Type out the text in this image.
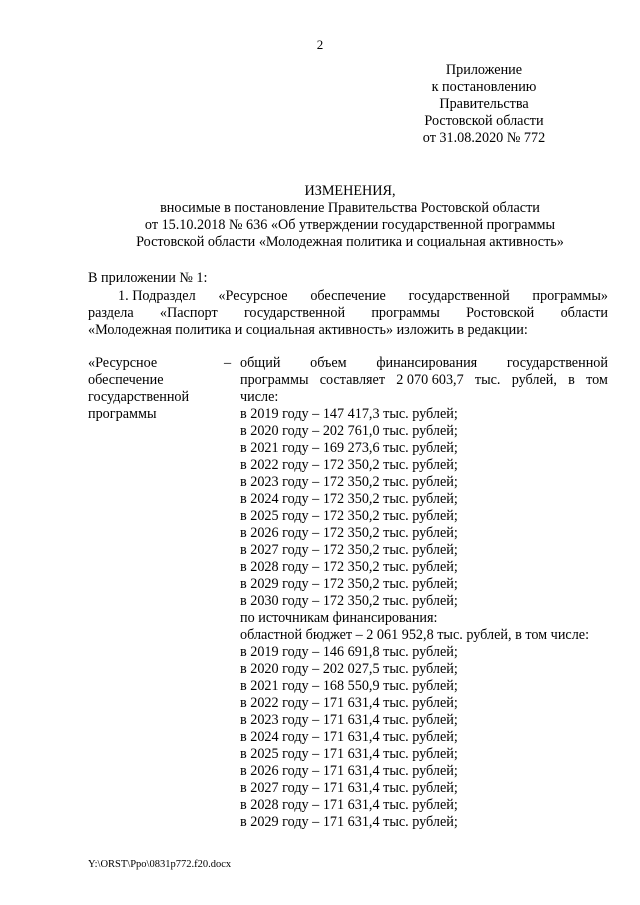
2
Приложение
к постановлению
Правительства
Ростовской области
от 31.08.2020 № 772
ИЗМЕНЕНИЯ,
вносимые в постановление Правительства Ростовской области
от 15.10.2018 № 636 «Об утверждении государственной программы
Ростовской области «Молодежная политика и социальная активность»
В приложении № 1:
1. Подраздел «Ресурсное обеспечение государственной программы»
раздела «Паспорт государственной программы Ростовской области
«Молодежная политика и социальная активность» изложить в редакции:
«Ресурсное
обеспечение
государственной
программы
– общий объем финансирования государственной
программы составляет 2 070 603,7 тыс. рублей, в том
числе:
в 2019 году – 147 417,3 тыс. рублей;
в 2020 году – 202 761,0 тыс. рублей;
в 2021 году – 169 273,6 тыс. рублей;
в 2022 году – 172 350,2 тыс. рублей;
в 2023 году – 172 350,2 тыс. рублей;
в 2024 году – 172 350,2 тыс. рублей;
в 2025 году – 172 350,2 тыс. рублей;
в 2026 году – 172 350,2 тыс. рублей;
в 2027 году – 172 350,2 тыс. рублей;
в 2028 году – 172 350,2 тыс. рублей;
в 2029 году – 172 350,2 тыс. рублей;
в 2030 году – 172 350,2 тыс. рублей;
по источникам финансирования:
областной бюджет – 2 061 952,8 тыс. рублей, в том числе:
в 2019 году – 146 691,8 тыс. рублей;
в 2020 году – 202 027,5 тыс. рублей;
в 2021 году – 168 550,9 тыс. рублей;
в 2022 году – 171 631,4 тыс. рублей;
в 2023 году – 171 631,4 тыс. рублей;
в 2024 году – 171 631,4 тыс. рублей;
в 2025 году – 171 631,4 тыс. рублей;
в 2026 году – 171 631,4 тыс. рублей;
в 2027 году – 171 631,4 тыс. рублей;
в 2028 году – 171 631,4 тыс. рублей;
в 2029 году – 171 631,4 тыс. рублей;
Y:\ORST\Ppo\0831p772.f20.docx
